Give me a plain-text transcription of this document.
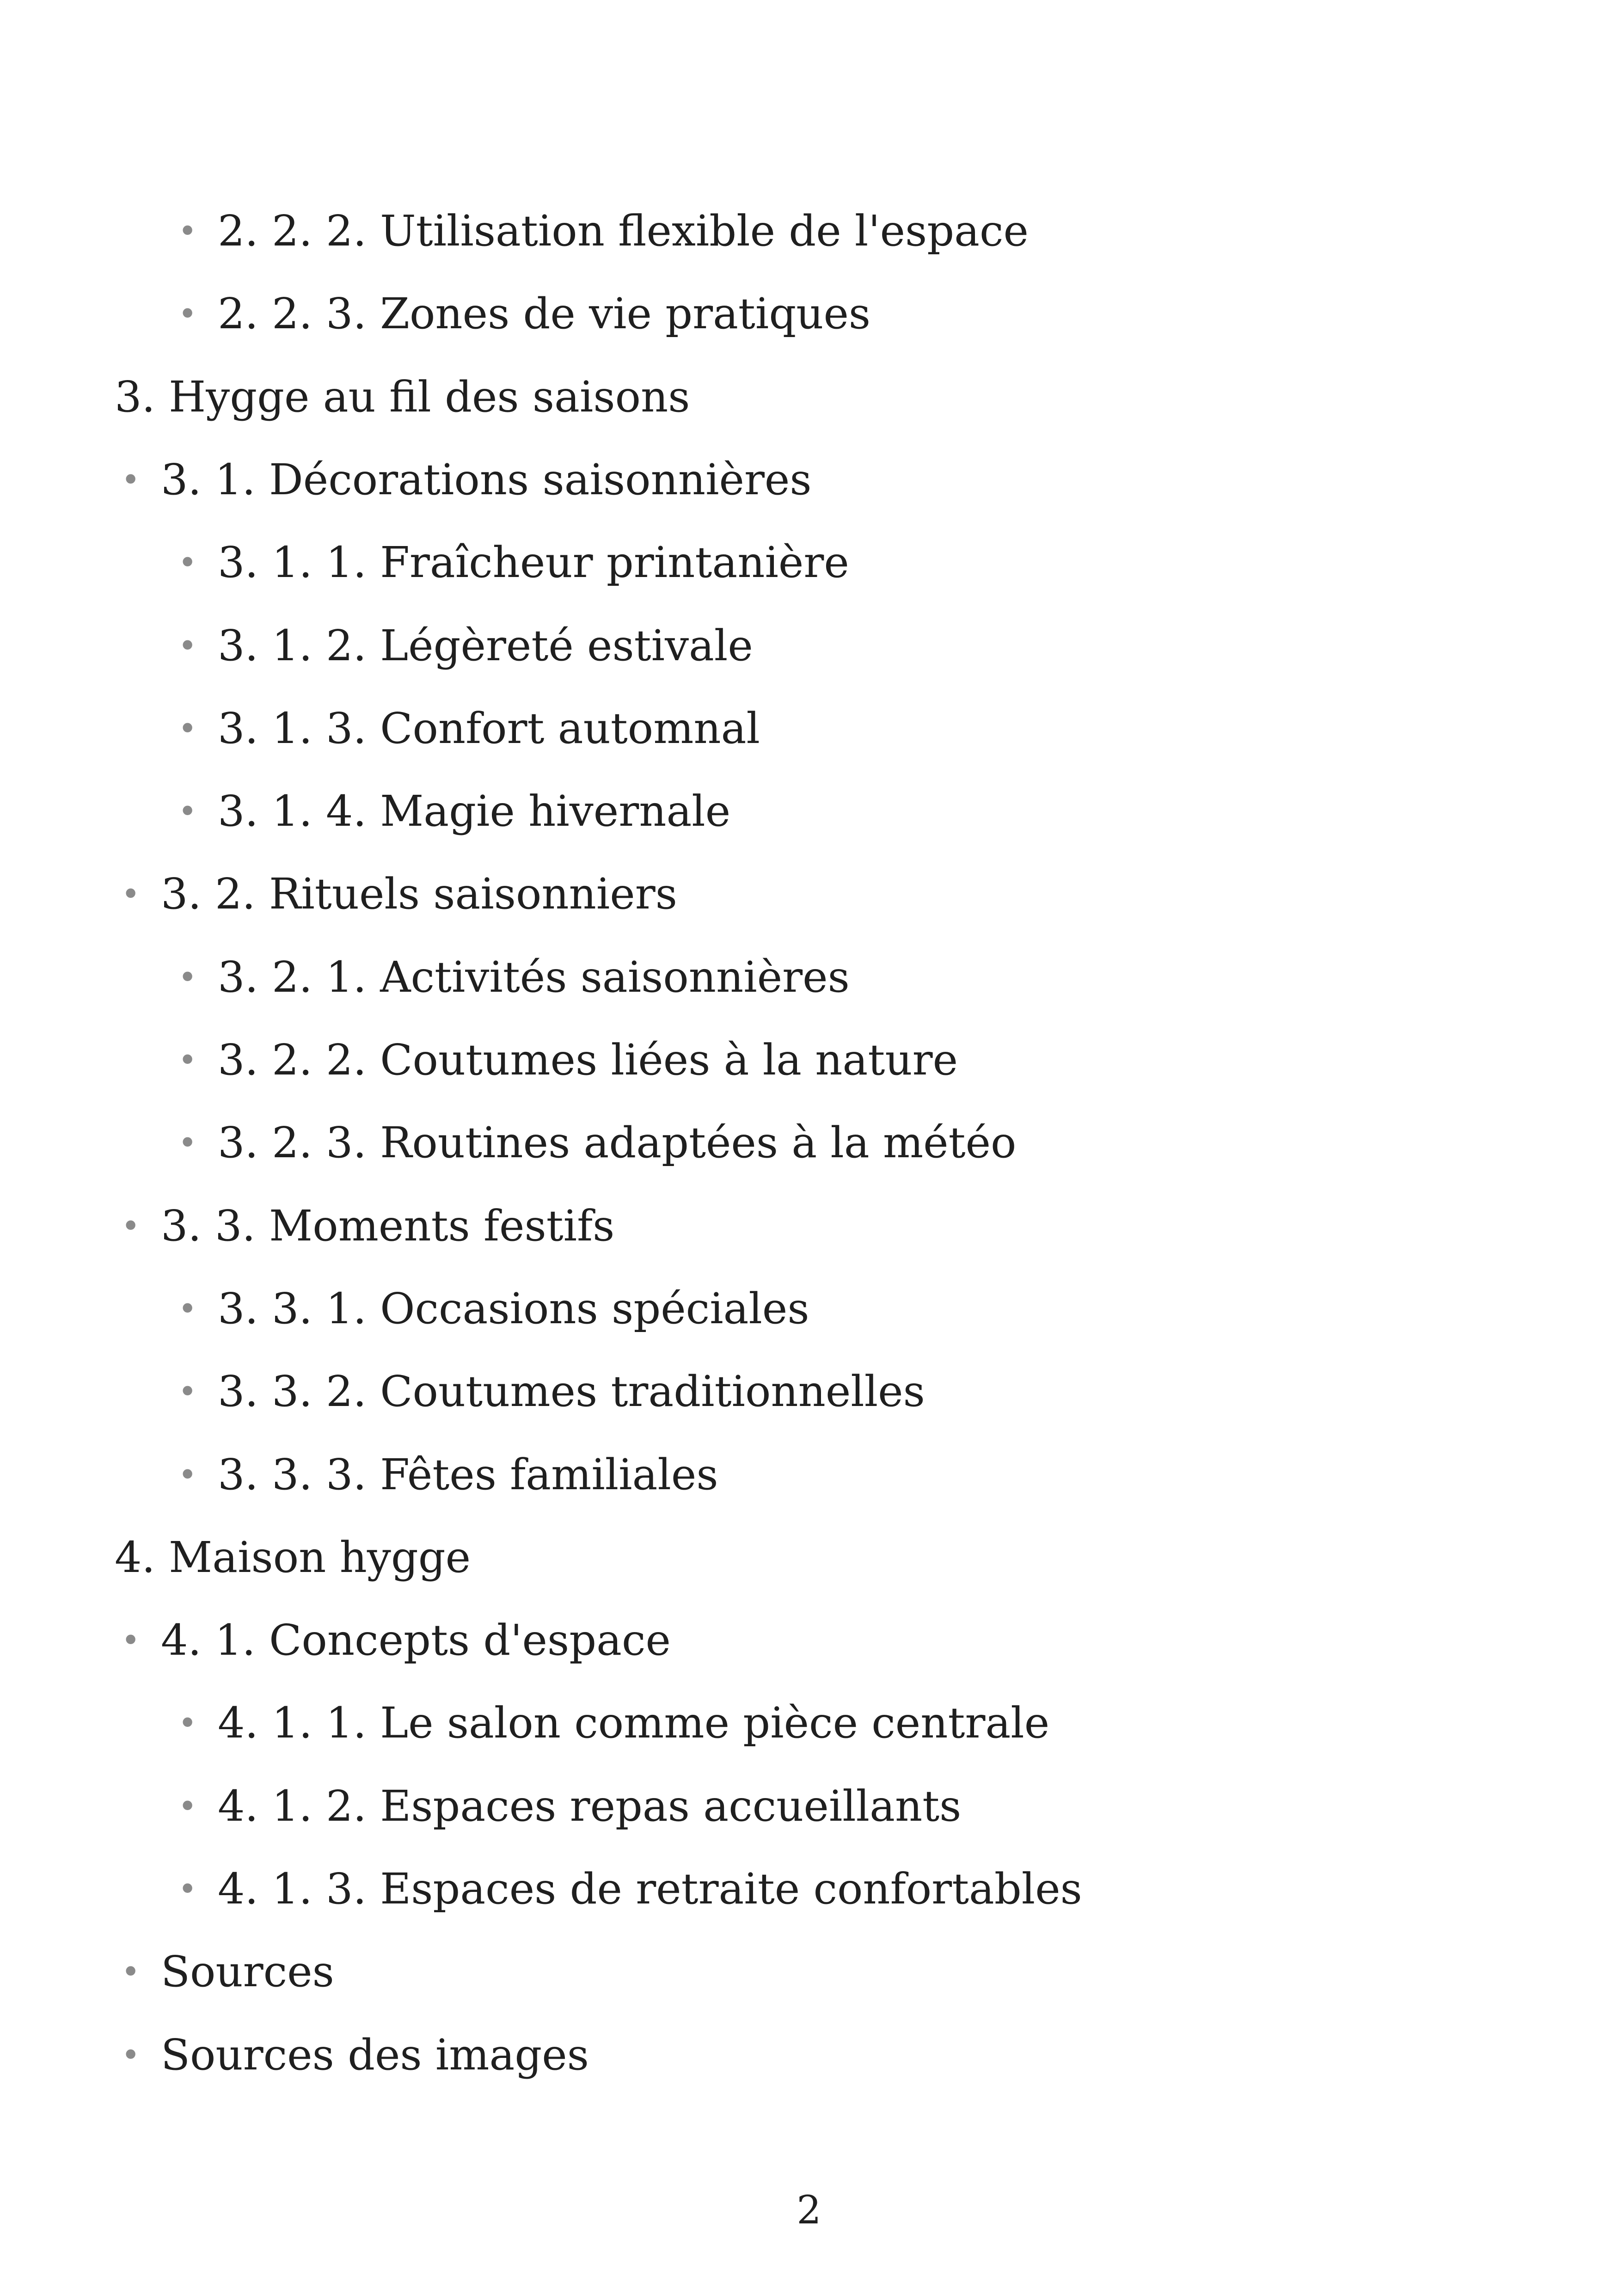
• 2. 2. 2. Utilisation flexible de l'espace
• 2. 2. 3. Zones de vie pratiques
3. Hygge au fil des saisons
• 3. 1. Décorations saisonnières
• 3. 1. 1. Fraîcheur printanière
• 3. 1. 2. Légèreté estivale
• 3. 1. 3. Confort automnal
• 3. 1. 4. Magie hivernale
• 3. 2. Rituels saisonniers
• 3. 2. 1. Activités saisonnières
• 3. 2. 2. Coutumes liées à la nature
• 3. 2. 3. Routines adaptées à la météo
• 3. 3. Moments festifs
• 3. 3. 1. Occasions spéciales
• 3. 3. 2. Coutumes traditionnelles
• 3. 3. 3. Fêtes familiales
4. Maison hygge
• 4. 1. Concepts d'espace
• 4. 1. 1. Le salon comme pièce centrale
• 4. 1. 2. Espaces repas accueillants
• 4. 1. 3. Espaces de retraite confortables
• Sources
• Sources des images
2
